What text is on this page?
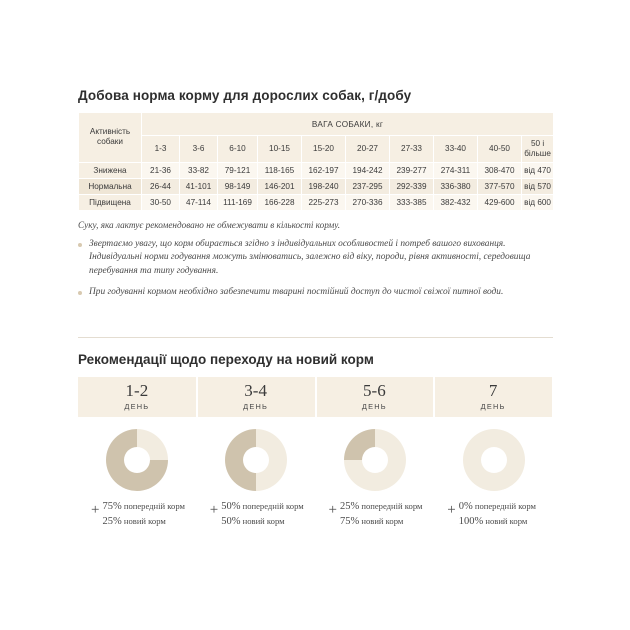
Добова норма корму для дорослих собак, г/добу
Активність собаки	ВАГА СОБАКИ, кг									
	1-3	3-6	6-10	10-15	15-20	20-27	27-33	33-40	40-50	50 і більше
Знижена	21-36	33-82	79-121	118-165	162-197	194-242	239-277	274-311	308-470	від 470
Нормальна	26-44	41-101	98-149	146-201	198-240	237-295	292-339	336-380	377-570	від 570
Підвищена	30-50	47-114	111-169	166-228	225-273	270-336	333-385	382-432	429-600	від 600
Суку, яка лактує рекомендовано не обмежувати в кількості корму.
Звертаємо увагу, що корм обирається згідно з індивідуальних особливостей і потреб вашого вихованця. Індивідуальні норми годування можуть змінюватись, залежно від віку, породи, рівня активності, середовища перебування та типу годування.
При годуванні кормом необхідно забезпечити тварині постійний доступ до чистої свіжої питної води.
Рекомендації щодо переходу на новий корм
1-2
ДЕНЬ
+ 75% попередній корм
25% новий корм
3-4
ДЕНЬ
+ 50% попередній корм
50% новий корм
5-6
ДЕНЬ
+ 25% попередній корм
75% новий корм
7
ДЕНЬ
+ 0% попередній корм
100% новий корм
